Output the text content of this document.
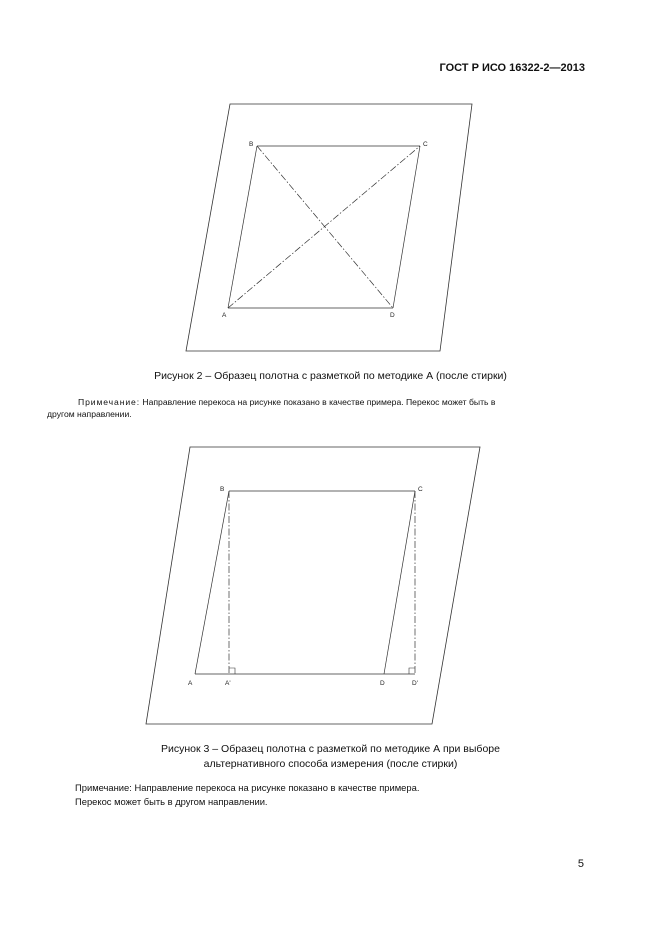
ГОСТ Р ИСО 16322-2—2013
B	C
A	D
Рисунок 2 – Образец полотна с разметкой по методике А (после стирки)
Примечание: Направление перекоса на рисунке показано в качестве примера. Перекос может быть в
другом направлении.
B	C
A	A'	D	D'
Рисунок 3 – Образец полотна с разметкой по методике А при выборе
альтернативного способа измерения (после стирки)
Примечание: Направление перекоса на рисунке показано в качестве примера.
Перекос может быть в другом направлении.
5
